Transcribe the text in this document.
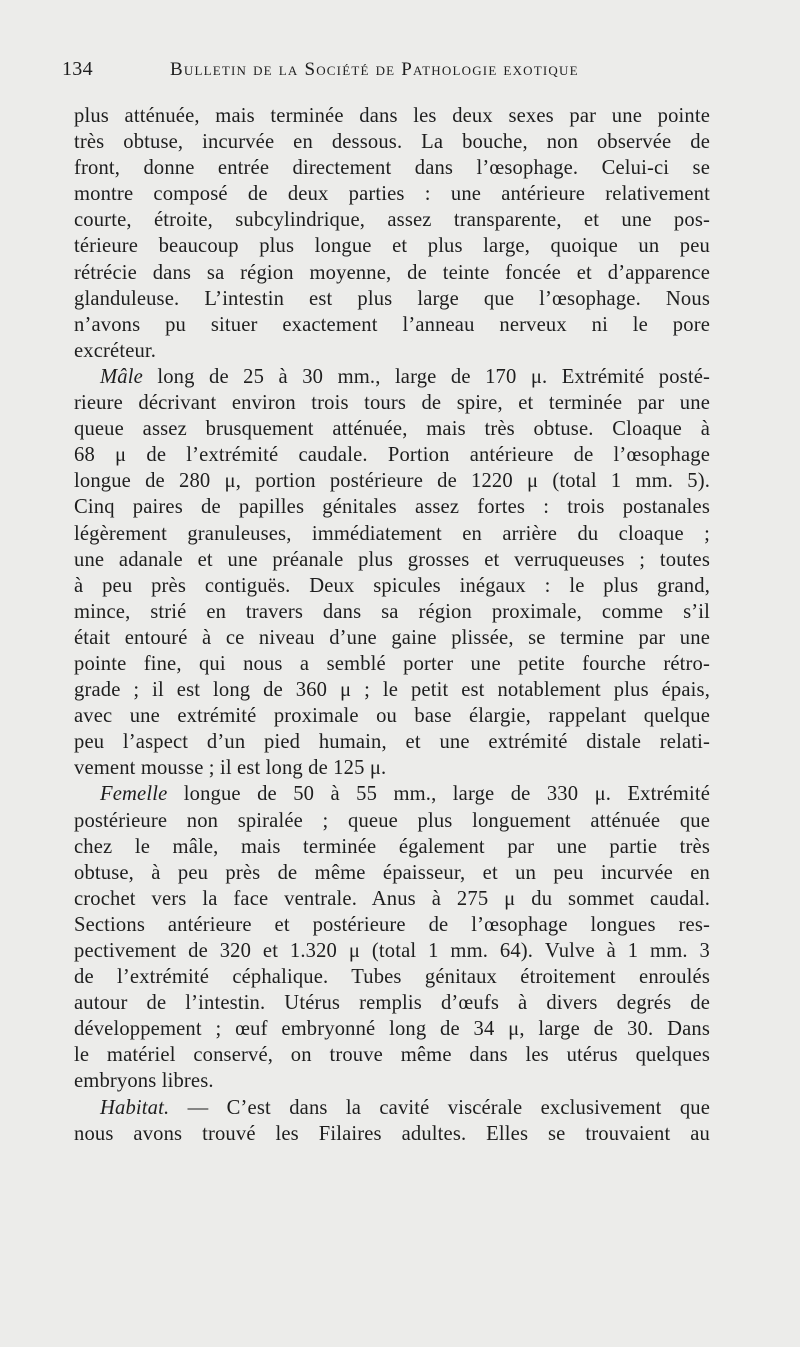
134	Bulletin de la Société de Pathologie exotique
plus atténuée, mais terminée dans les deux sexes par une pointe
très obtuse, incurvée en dessous. La bouche, non observée de
front, donne entrée directement dans l’œsophage. Celui-ci se
montre composé de deux parties : une antérieure relativement
courte, étroite, subcylindrique, assez transparente, et une pos-
térieure beaucoup plus longue et plus large, quoique un peu
rétrécie dans sa région moyenne, de teinte foncée et d’apparence
glanduleuse. L’intestin est plus large que l’œsophage. Nous
n’avons pu situer exactement l’anneau nerveux ni le pore
excréteur.
Mâle long de 25 à 30 mm., large de 170 μ. Extrémité posté-
rieure décrivant environ trois tours de spire, et terminée par une
queue assez brusquement atténuée, mais très obtuse. Cloaque à
68 μ de l’extrémité caudale. Portion antérieure de l’œsophage
longue de 280 μ, portion postérieure de 1220 μ (total 1 mm. 5).
Cinq paires de papilles génitales assez fortes : trois postanales
légèrement granuleuses, immédiatement en arrière du cloaque ;
une adanale et une préanale plus grosses et verruqueuses ; toutes
à peu près contiguës. Deux spicules inégaux : le plus grand,
mince, strié en travers dans sa région proximale, comme s’il
était entouré à ce niveau d’une gaine plissée, se termine par une
pointe fine, qui nous a semblé porter une petite fourche rétro-
grade ; il est long de 360 μ ; le petit est notablement plus épais,
avec une extrémité proximale ou base élargie, rappelant quelque
peu l’aspect d’un pied humain, et une extrémité distale relati-
vement mousse ; il est long de 125 μ.
Femelle longue de 50 à 55 mm., large de 330 μ. Extrémité
postérieure non spiralée ; queue plus longuement atténuée que
chez le mâle, mais terminée également par une partie très
obtuse, à peu près de même épaisseur, et un peu incurvée en
crochet vers la face ventrale. Anus à 275 μ du sommet caudal.
Sections antérieure et postérieure de l’œsophage longues res-
pectivement de 320 et 1.320 μ (total 1 mm. 64). Vulve à 1 mm. 3
de l’extrémité céphalique. Tubes génitaux étroitement enroulés
autour de l’intestin. Utérus remplis d’œufs à divers degrés de
développement ; œuf embryonné long de 34 μ, large de 30. Dans
le matériel conservé, on trouve même dans les utérus quelques
embryons libres.
Habitat. — C’est dans la cavité viscérale exclusivement que
nous avons trouvé les Filaires adultes. Elles se trouvaient au
